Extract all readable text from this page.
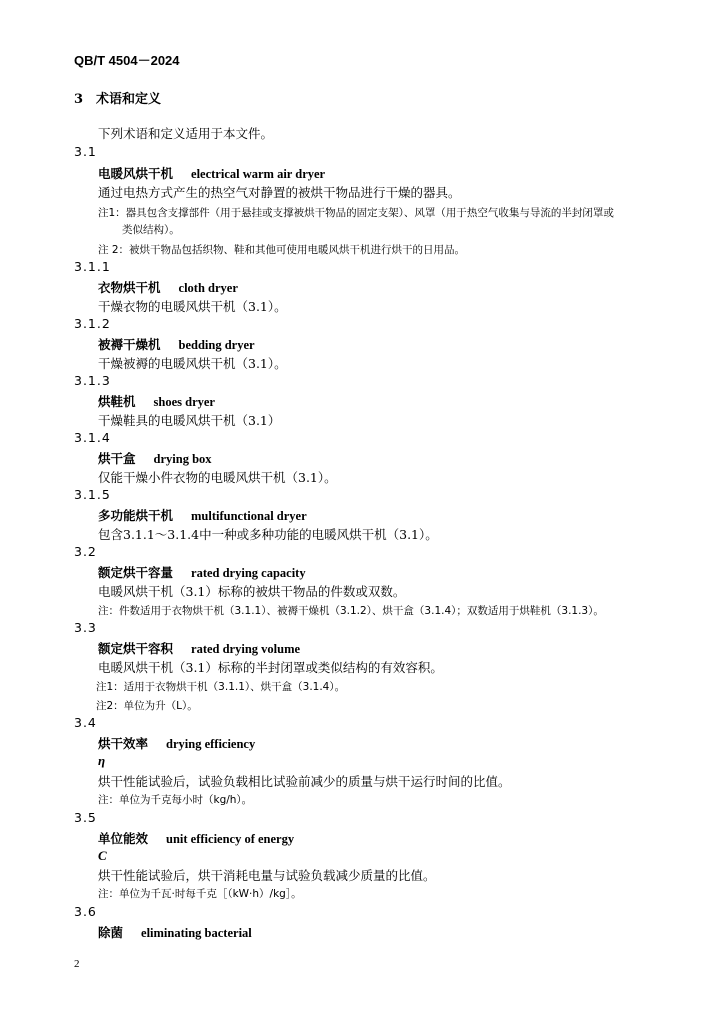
QB/T 4504－2024
3　术语和定义
下列术语和定义适用于本文件。
3.1
电暖风烘干机 electrical warm air dryer
通过电热方式产生的热空气对静置的被烘干物品进行干燥的器具。
注1：器具包含支撑部件（用于悬挂或支撑被烘干物品的固定支架）、风罩（用于热空气收集与导流的半封闭罩或
类似结构）。
注 2：被烘干物品包括织物、鞋和其他可使用电暖风烘干机进行烘干的日用品。
3.1.1
衣物烘干机 cloth dryer
干燥衣物的电暖风烘干机（3.1）。
3.1.2
被褥干燥机 bedding dryer
干燥被褥的电暖风烘干机（3.1）。
3.1.3
烘鞋机 shoes dryer
干燥鞋具的电暖风烘干机（3.1）
3.1.4
烘干盒 drying box
仅能干燥小件衣物的电暖风烘干机（3.1）。
3.1.5
多功能烘干机 multifunctional dryer
包含3.1.1～3.1.4中一种或多种功能的电暖风烘干机（3.1）。
3.2
额定烘干容量 rated drying capacity
电暖风烘干机（3.1）标称的被烘干物品的件数或双数。
注：件数适用于衣物烘干机（3.1.1）、被褥干燥机（3.1.2）、烘干盒（3.1.4）；双数适用于烘鞋机（3.1.3）。
3.3
额定烘干容积 rated drying volume
电暖风烘干机（3.1）标称的半封闭罩或类似结构的有效容积。
注1：适用于衣物烘干机（3.1.1）、烘干盒（3.1.4）。
注2：单位为升（L）。
3.4
烘干效率 drying efficiency
η
烘干性能试验后，试验负载相比试验前减少的质量与烘干运行时间的比值。
注：单位为千克每小时（kg/h）。
3.5
单位能效 unit efficiency of energy
C
烘干性能试验后，烘干消耗电量与试验负载减少质量的比值。
注：单位为千瓦·时每千克［（kW·h）/kg］。
3.6
除菌 eliminating bacterial
2
